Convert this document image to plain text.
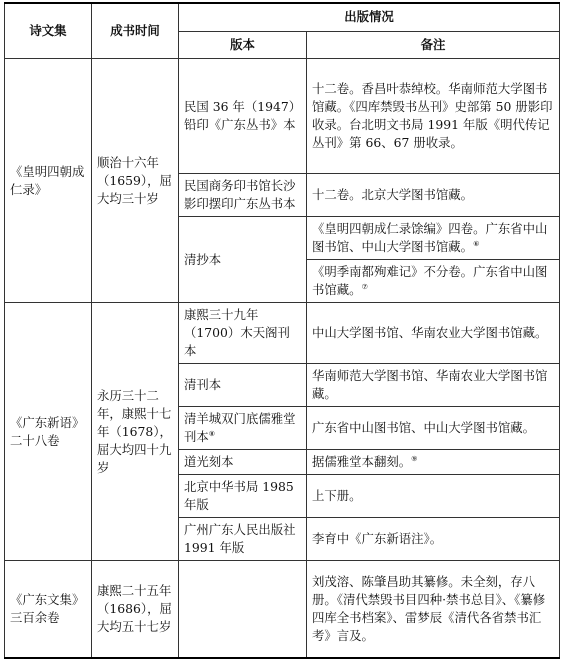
诗文集	成书时间	出版情况	
		版本	备注
《皇明四朝成仁录》	顺治十六年（1659），屈大均三十岁	民国 36 年（1947）铅印《广东丛书》本	十二卷。香昌叶恭绰校。华南师范大学图书馆藏。《四库禁毁书丛刊》史部第 50 册影印收录。台北明文书局 1991 年版《明代传记丛刊》第 66、67 册收录。
		民国商务印书馆长沙影印摆印广东丛书本	十二卷。北京大学图书馆藏。
		清抄本	《皇明四朝成仁录馀编》四卷。广东省中山图书馆、中山大学图书馆藏。⑥
			《明季南都殉难记》不分卷。广东省中山图书馆藏。⑦
《广东新语》二十八卷	永历三十二年，康熙十七年（1678），屈大均四十九岁	康熙三十九年（1700）木天阁刊本	中山大学图书馆、华南农业大学图书馆藏。
		清刊本	华南师范大学图书馆、华南农业大学图书馆藏。
		清羊城双门底儒雅堂刊本⑧	广东省中山图书馆、中山大学图书馆藏。
		道光刻本	据儒雅堂本翻刻。⑨
		北京中华书局 1985 年版	上下册。
		广州广东人民出版社 1991 年版	李育中《广东新语注》。
《广东文集》三百余卷	康熙二十五年（1686），屈大均五十七岁		刘茂溶、陈肇昌助其纂修。未全刻，存八册。《清代禁毁书目四种·禁书总目》、《纂修四库全书档案》、雷梦辰《清代各省禁书汇考》言及。
